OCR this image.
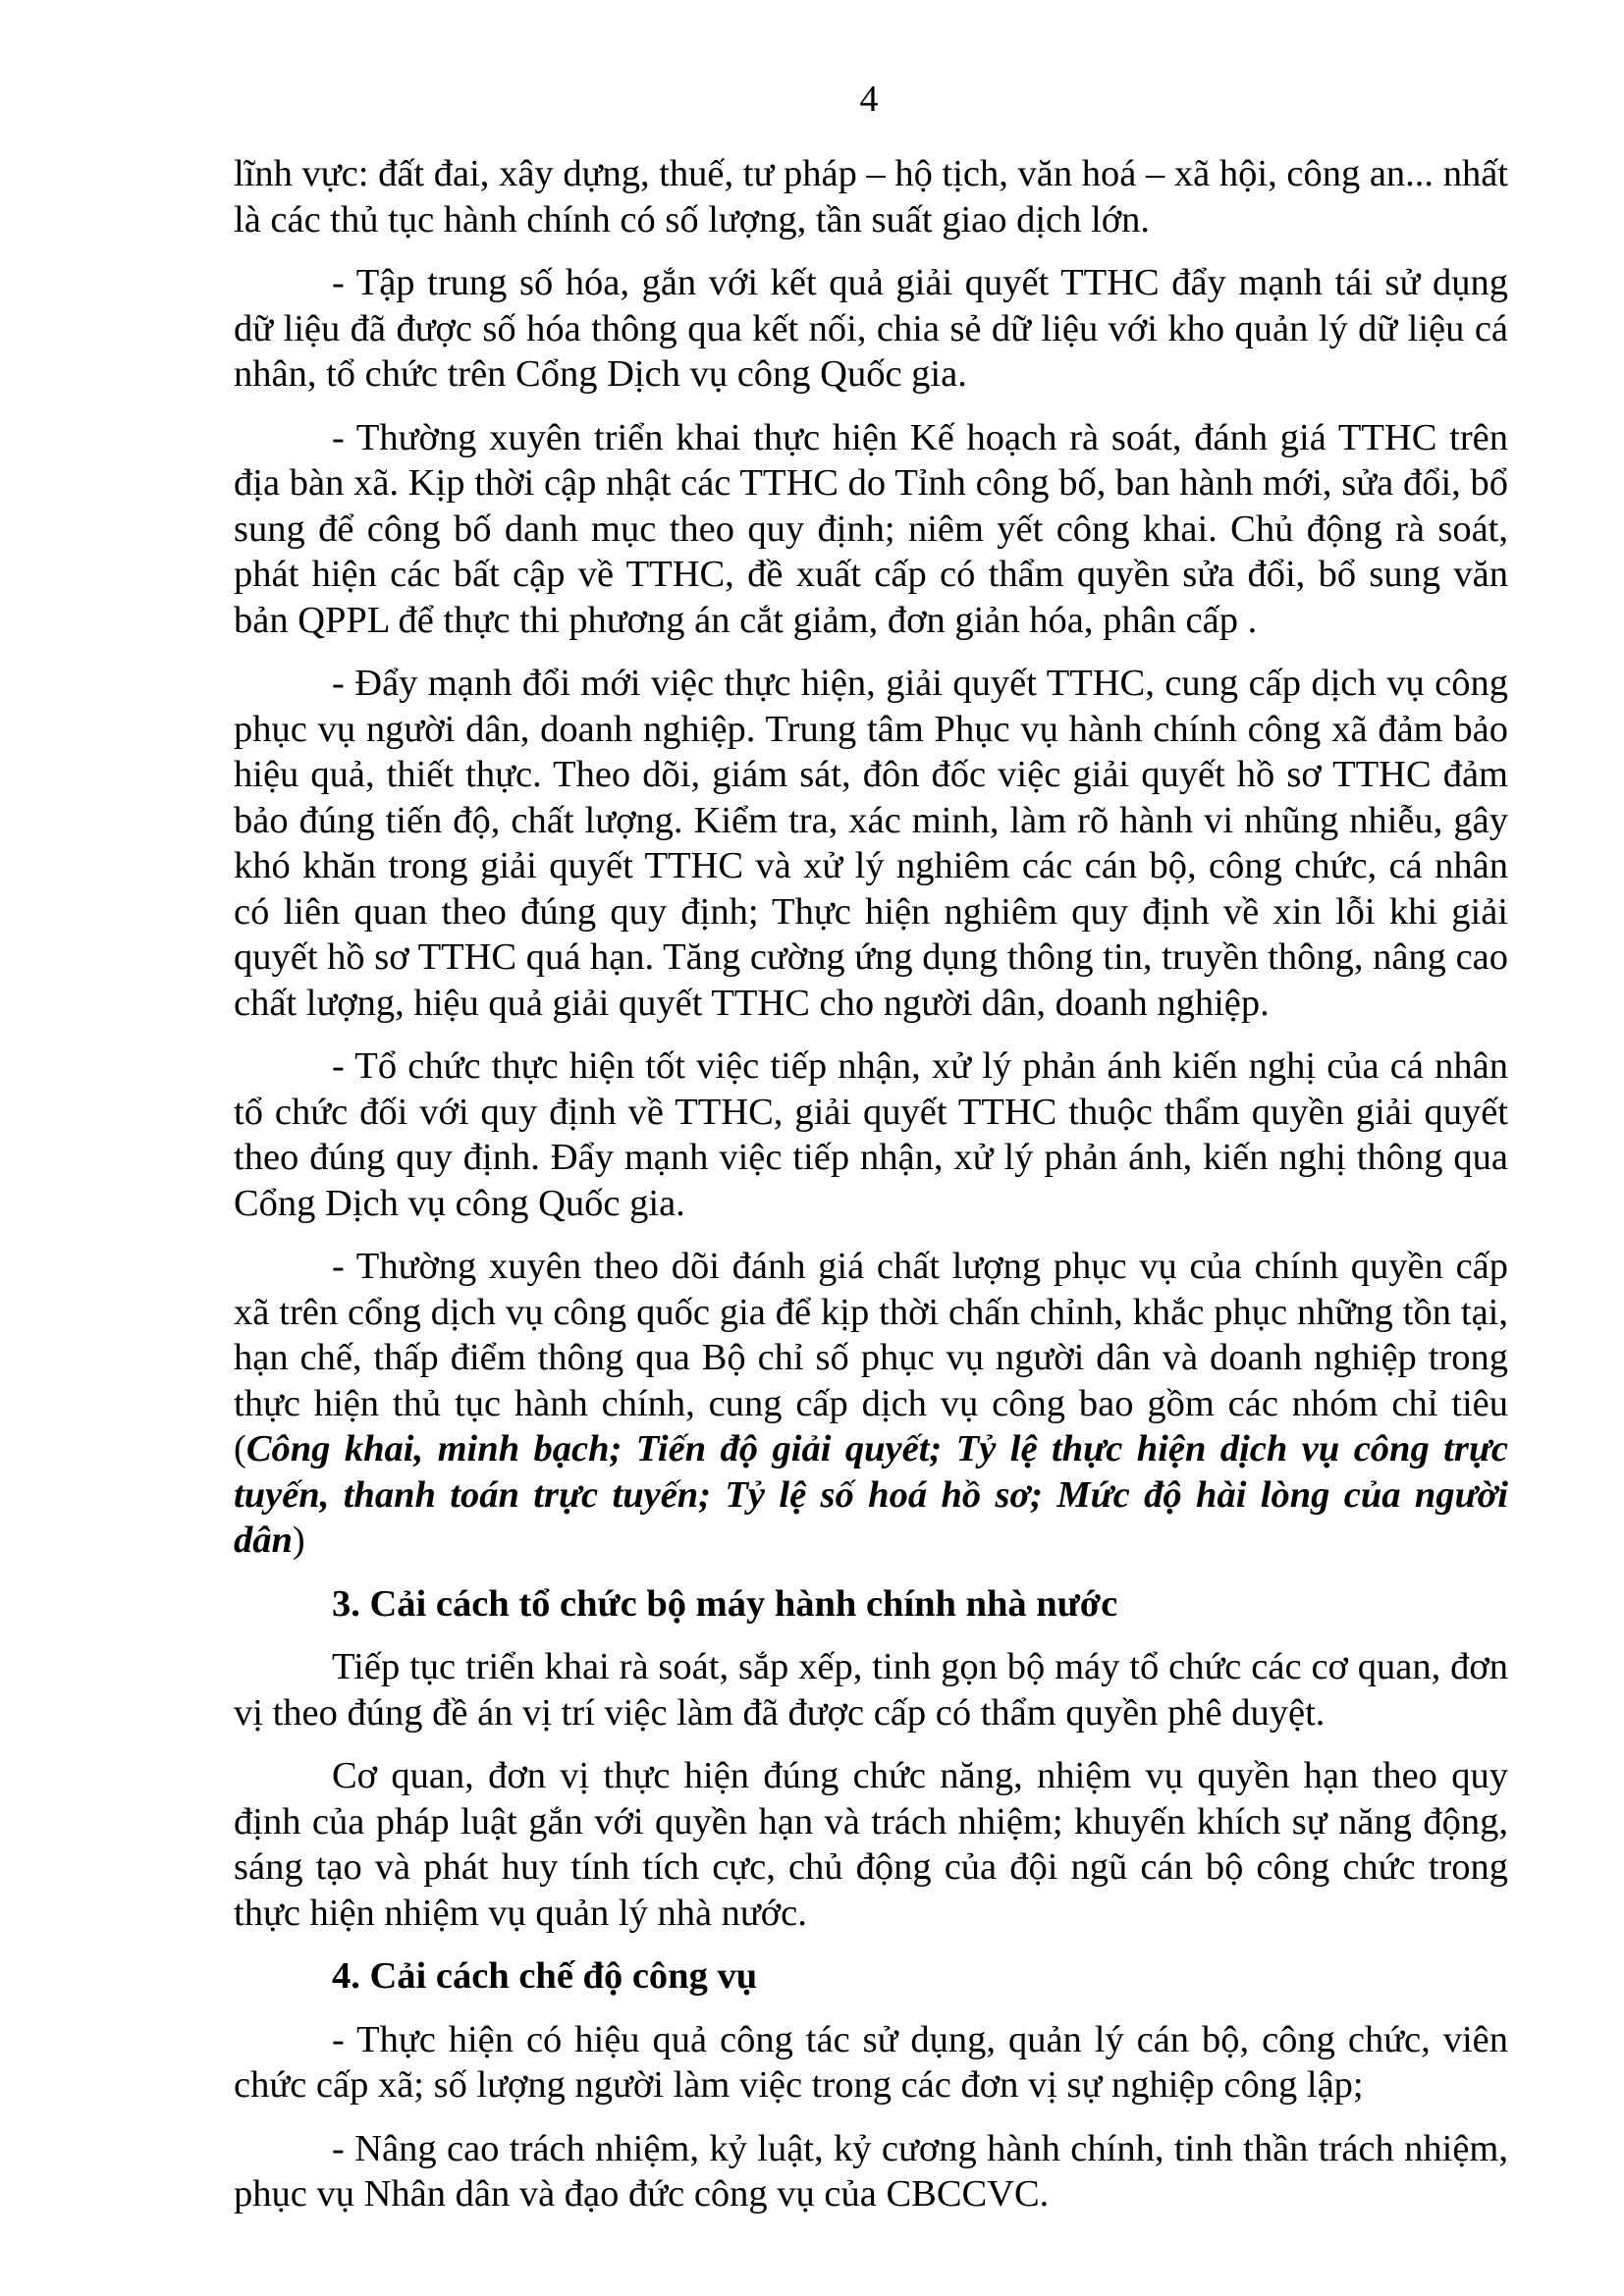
4

lĩnh vực: đất đai, xây dựng, thuế, tư pháp – hộ tịch, văn hoá – xã hội, công an... nhất là các thủ tục hành chính có số lượng, tần suất giao dịch lớn.

- Tập trung số hóa, gắn với kết quả giải quyết TTHC đẩy mạnh tái sử dụng dữ liệu đã được số hóa thông qua kết nối, chia sẻ dữ liệu với kho quản lý dữ liệu cá nhân, tổ chức trên Cổng Dịch vụ công Quốc gia.

- Thường xuyên triển khai thực hiện Kế hoạch rà soát, đánh giá TTHC trên địa bàn xã. Kịp thời cập nhật các TTHC do Tỉnh công bố, ban hành mới, sửa đổi, bổ sung để công bố danh mục theo quy định; niêm yết công khai. Chủ động rà soát, phát hiện các bất cập về TTHC, đề xuất cấp có thẩm quyền sửa đổi, bổ sung văn bản QPPL để thực thi phương án cắt giảm, đơn giản hóa, phân cấp .

- Đẩy mạnh đổi mới việc thực hiện, giải quyết TTHC, cung cấp dịch vụ công phục vụ người dân, doanh nghiệp. Trung tâm Phục vụ hành chính công xã đảm bảo hiệu quả, thiết thực. Theo dõi, giám sát, đôn đốc việc giải quyết hồ sơ TTHC đảm bảo đúng tiến độ, chất lượng. Kiểm tra, xác minh, làm rõ hành vi nhũng nhiễu, gây khó khăn trong giải quyết TTHC và xử lý nghiêm các cán bộ, công chức, cá nhân có liên quan theo đúng quy định; Thực hiện nghiêm quy định về xin lỗi khi giải quyết hồ sơ TTHC quá hạn. Tăng cường ứng dụng thông tin, truyền thông, nâng cao chất lượng, hiệu quả giải quyết TTHC cho người dân, doanh nghiệp.

- Tổ chức thực hiện tốt việc tiếp nhận, xử lý phản ánh kiến nghị của cá nhân tổ chức đối với quy định về TTHC, giải quyết TTHC thuộc thẩm quyền giải quyết theo đúng quy định. Đẩy mạnh việc tiếp nhận, xử lý phản ánh, kiến nghị thông qua Cổng Dịch vụ công Quốc gia.

- Thường xuyên theo dõi đánh giá chất lượng phục vụ của chính quyền cấp xã trên cổng dịch vụ công quốc gia để kịp thời chấn chỉnh, khắc phục những tồn tại, hạn chế, thấp điểm thông qua Bộ chỉ số phục vụ người dân và doanh nghiệp trong thực hiện thủ tục hành chính, cung cấp dịch vụ công bao gồm các nhóm chỉ tiêu (Công khai, minh bạch; Tiến độ giải quyết; Tỷ lệ thực hiện dịch vụ công trực tuyến, thanh toán trực tuyến; Tỷ lệ số hoá hồ sơ; Mức độ hài lòng của người dân)

3. Cải cách tổ chức bộ máy hành chính nhà nước

Tiếp tục triển khai rà soát, sắp xếp, tinh gọn bộ máy tổ chức các cơ quan, đơn vị theo đúng đề án vị trí việc làm đã được cấp có thẩm quyền phê duyệt.

Cơ quan, đơn vị thực hiện đúng chức năng, nhiệm vụ quyền hạn theo quy định của pháp luật gắn với quyền hạn và trách nhiệm; khuyến khích sự năng động, sáng tạo và phát huy tính tích cực, chủ động của đội ngũ cán bộ công chức trong thực hiện nhiệm vụ quản lý nhà nước.

4. Cải cách chế độ công vụ

- Thực hiện có hiệu quả công tác sử dụng, quản lý cán bộ, công chức, viên chức cấp xã; số lượng người làm việc trong các đơn vị sự nghiệp công lập;

- Nâng cao trách nhiệm, kỷ luật, kỷ cương hành chính, tinh thần trách nhiệm, phục vụ Nhân dân và đạo đức công vụ của CBCCVC.
